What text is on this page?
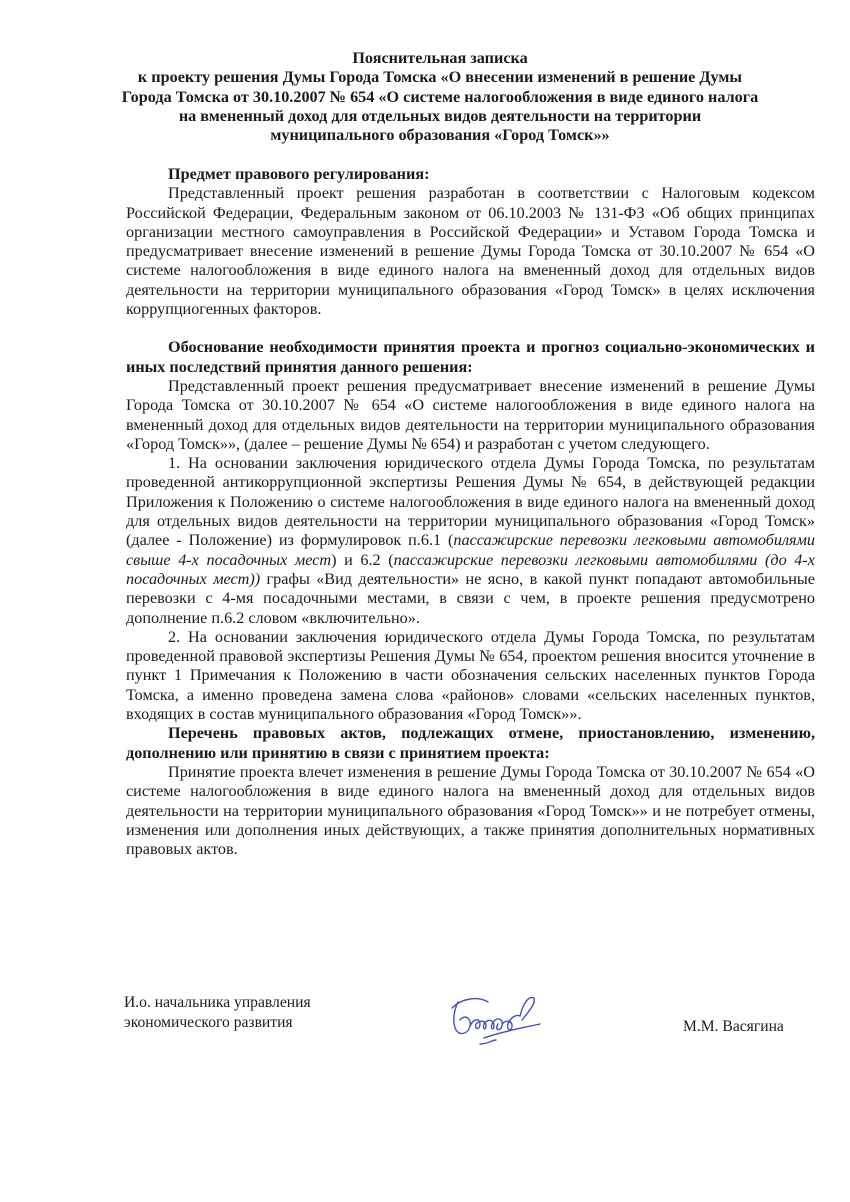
Пояснительная записка
к проекту решения Думы Города Томска «О внесении изменений в решение Думы
Города Томска от 30.10.2007 № 654 «О системе налогообложения в виде единого налога
на вмененный доход для отдельных видов деятельности на территории
муниципального образования «Город Томск»»
Предмет правового регулирования:
Представленный проект решения разработан в соответствии с Налоговым кодексом Российской Федерации, Федеральным законом от 06.10.2003 № 131-ФЗ «Об общих принципах организации местного самоуправления в Российской Федерации» и Уставом Города Томска и предусматривает внесение изменений в решение Думы Города Томска от 30.10.2007 № 654 «О системе налогообложения в виде единого налога на вмененный доход для отдельных видов деятельности на территории муниципального образования «Город Томск» в целях исключения коррупциогенных факторов.
Обоснование необходимости принятия проекта и прогноз социально-экономических и иных последствий принятия данного решения:
Представленный проект решения предусматривает внесение изменений в решение Думы Города Томска от 30.10.2007 № 654 «О системе налогообложения в виде единого налога на вмененный доход для отдельных видов деятельности на территории муниципального образования «Город Томск»», (далее – решение Думы № 654) и разработан с учетом следующего.
1. На основании заключения юридического отдела Думы Города Томска, по результатам проведенной антикоррупционной экспертизы Решения Думы № 654, в действующей редакции Приложения к Положению о системе налогообложения в виде единого налога на вмененный доход для отдельных видов деятельности на территории муниципального образования «Город Томск» (далее - Положение) из формулировок п.6.1 (пассажирские перевозки легковыми автомобилями свыше 4-х посадочных мест) и 6.2 (пассажирские перевозки легковыми автомобилями (до 4-х посадочных мест)) графы «Вид деятельности» не ясно, в какой пункт попадают автомобильные перевозки с 4-мя посадочными местами, в связи с чем, в проекте решения предусмотрено дополнение п.6.2 словом «включительно».
2. На основании заключения юридического отдела Думы Города Томска, по результатам проведенной правовой экспертизы Решения Думы № 654, проектом решения вносится уточнение в пункт 1 Примечания к Положению в части обозначения сельских населенных пунктов Города Томска, а именно проведена замена слова «районов» словами «сельских населенных пунктов, входящих в состав муниципального образования «Город Томск»».
Перечень правовых актов, подлежащих отмене, приостановлению, изменению, дополнению или принятию в связи с принятием проекта:
Принятие проекта влечет изменения в решение Думы Города Томска от 30.10.2007 № 654 «О системе налогообложения в виде единого налога на вмененный доход для отдельных видов деятельности на территории муниципального образования «Город Томск»» и не потребует отмены, изменения или дополнения иных действующих, а также принятия дополнительных нормативных правовых актов.
И.о. начальника управления
экономического развития	М.М. Васягина
